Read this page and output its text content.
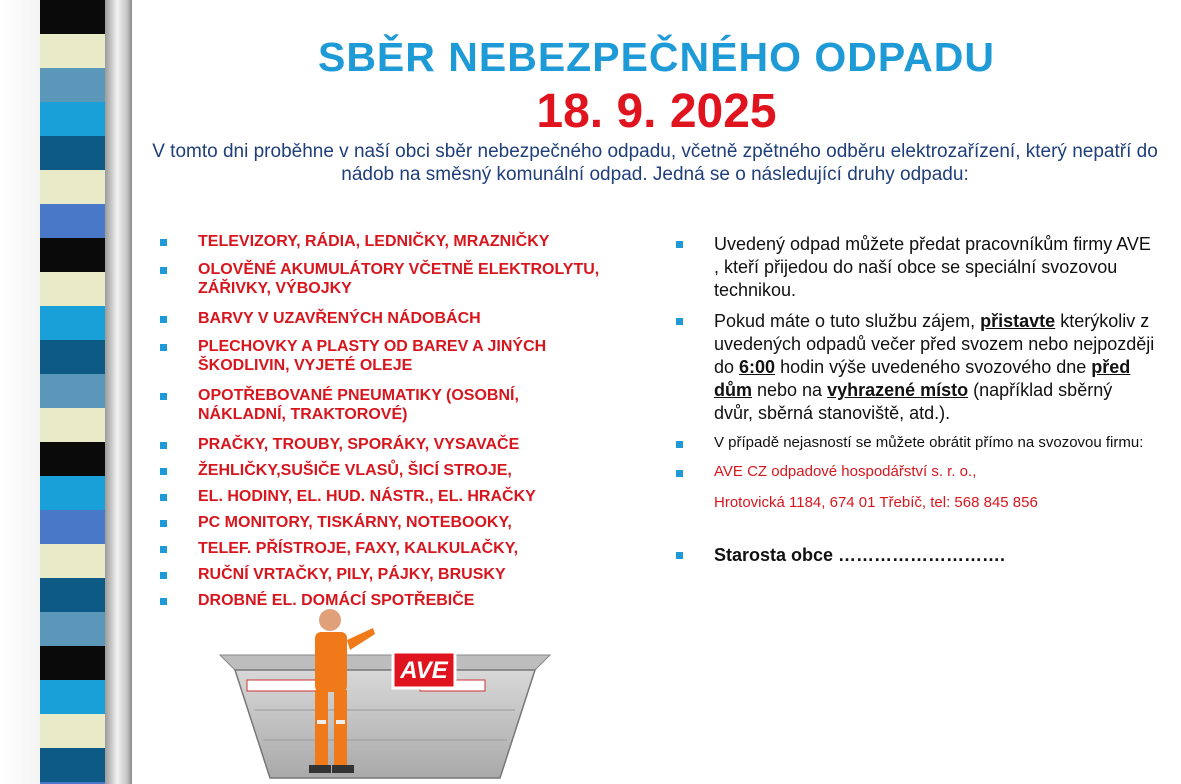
SBĚR NEBEZPEČNÉHO ODPADU
18. 9. 2025

V tomto dni proběhne v naší obci sběr nebezpečného odpadu, včetně zpětného odběru elektrozařízení, který nepatří do nádob na směsný komunální odpad. Jedná se o následující druhy odpadu:

TELEVIZORY, RÁDIA, LEDNIČKY, MRAZNIČKY
OLOVĚNÉ AKUMULÁTORY VČETNĚ ELEKTROLYTU, ZÁŘIVKY, VÝBOJKY
BARVY V UZAVŘENÝCH NÁDOBÁCH
PLECHOVKY A PLASTY OD BAREV A JINÝCH ŠKODLIVIN, VYJETÉ OLEJE
OPOTŘEBOVANÉ PNEUMATIKY (OSOBNÍ, NÁKLADNÍ, TRAKTOROVÉ)
PRAČKY, TROUBY, SPORÁKY, VYSAVAČE
ŽEHLIČKY,SUŠIČE VLASŮ, ŠICÍ STROJE,
EL. HODINY, EL. HUD. NÁSTR., EL. HRAČKY
PC MONITORY, TISKÁRNY, NOTEBOOKY,
TELEF. PŘÍSTROJE, FAXY, KALKULAČKY,
RUČNÍ VRTAČKY, PILY, PÁJKY, BRUSKY
DROBNÉ EL. DOMÁCÍ SPOTŘEBIČE
Uvedený odpad můžete předat pracovníkům firmy AVE , kteří přijedou do naší obce se speciální svozovou technikou.
Pokud máte o tuto službu zájem, přistavte kterýkoliv z uvedených odpadů večer před svozem nebo nejpozději do 6:00 hodin výše uvedeného svozového dne před dům nebo na vyhrazené místo (například sběrný dvůr, sběrná stanoviště, atd.).
V případě nejasností se můžete obrátit přímo na svozovou firmu:
AVE CZ odpadové hospodářství s. r. o.,
Hrotovická 1184, 674 01 Třebíč, tel: 568 845 856
Starosta obce ……………………….
AVE
